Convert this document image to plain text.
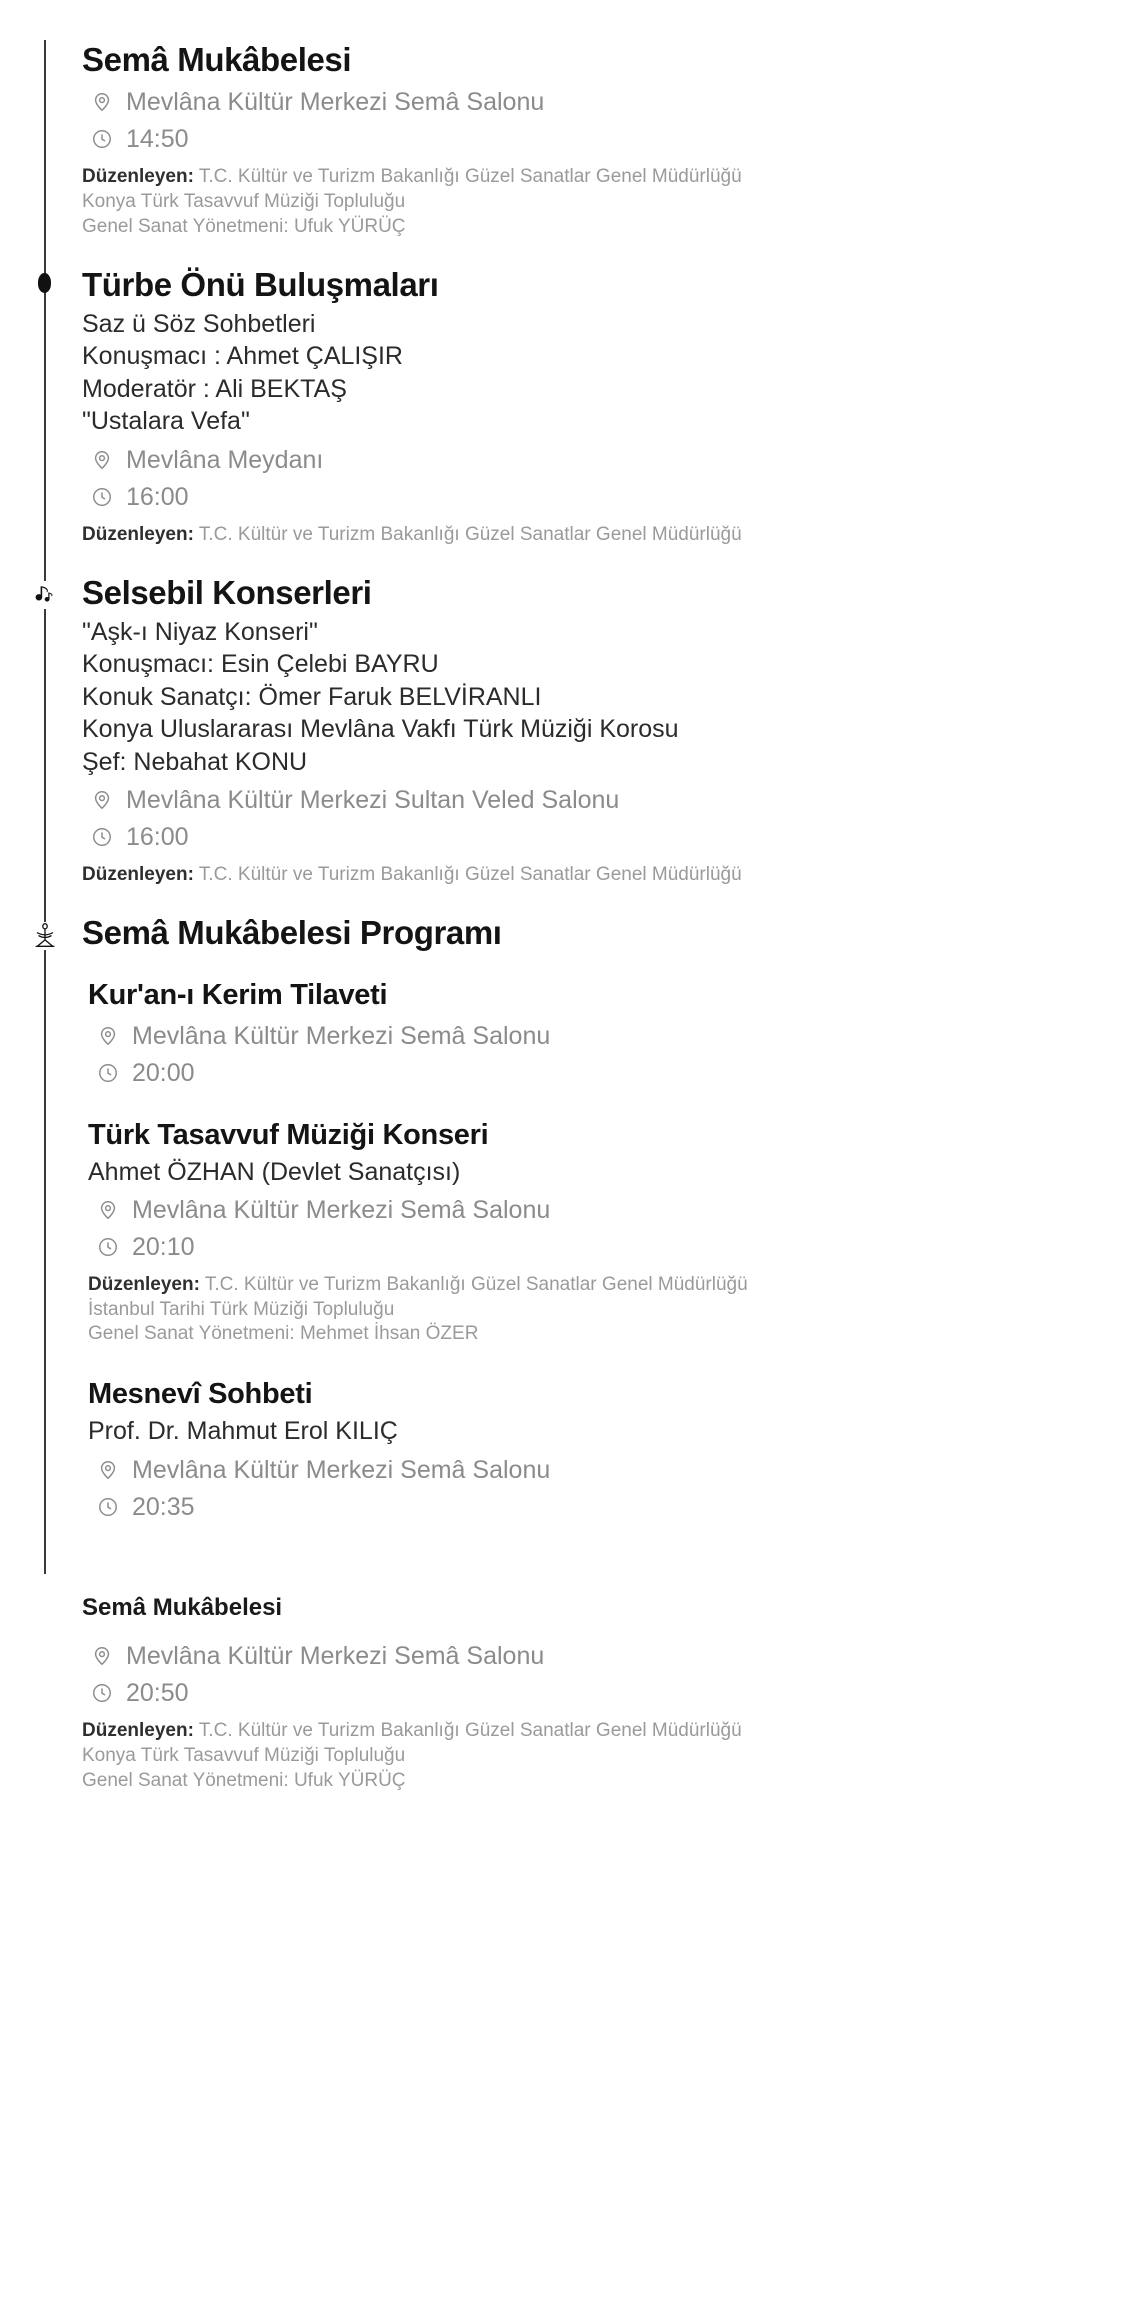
Semâ Mukâbelesi
Mevlâna Kültür Merkezi Semâ Salonu
14:50
Düzenleyen: T.C. Kültür ve Turizm Bakanlığı Güzel Sanatlar Genel Müdürlüğü
Konya Türk Tasavvuf Müziği Topluluğu
Genel Sanat Yönetmeni: Ufuk YÜRÜÇ
Türbe Önü Buluşmaları

Saz ü Söz Sohbetleri

Konuşmacı : Ahmet ÇALIŞIR

Moderatör : Ali BEKTAŞ

"Ustalara Vefa"

Mevlâna Meydanı
16:00
Düzenleyen: T.C. Kültür ve Turizm Bakanlığı Güzel Sanatlar Genel Müdürlüğü
Selsebil Konserleri

"Aşk-ı Niyaz Konseri"

Konuşmacı: Esin Çelebi BAYRU

Konuk Sanatçı: Ömer Faruk BELVİRANLI

Konya Uluslararası Mevlâna Vakfı Türk Müziği Korosu

Şef: Nebahat KONU

Mevlâna Kültür Merkezi Sultan Veled Salonu
16:00
Düzenleyen: T.C. Kültür ve Turizm Bakanlığı Güzel Sanatlar Genel Müdürlüğü
Semâ Mukâbelesi Programı
Kur'an-ı Kerim Tilaveti
Mevlâna Kültür Merkezi Semâ Salonu
20:00
Türk Tasavvuf Müziği Konseri

Ahmet ÖZHAN (Devlet Sanatçısı)

Mevlâna Kültür Merkezi Semâ Salonu
20:10
Düzenleyen: T.C. Kültür ve Turizm Bakanlığı Güzel Sanatlar Genel Müdürlüğü
İstanbul Tarihi Türk Müziği Topluluğu
Genel Sanat Yönetmeni: Mehmet İhsan ÖZER
Mesnevî Sohbeti

Prof. Dr. Mahmut Erol KILIÇ

Mevlâna Kültür Merkezi Semâ Salonu
20:35
Semâ Mukâbelesi
Mevlâna Kültür Merkezi Semâ Salonu
20:50
Düzenleyen: T.C. Kültür ve Turizm Bakanlığı Güzel Sanatlar Genel Müdürlüğü
Konya Türk Tasavvuf Müziği Topluluğu
Genel Sanat Yönetmeni: Ufuk YÜRÜÇ
